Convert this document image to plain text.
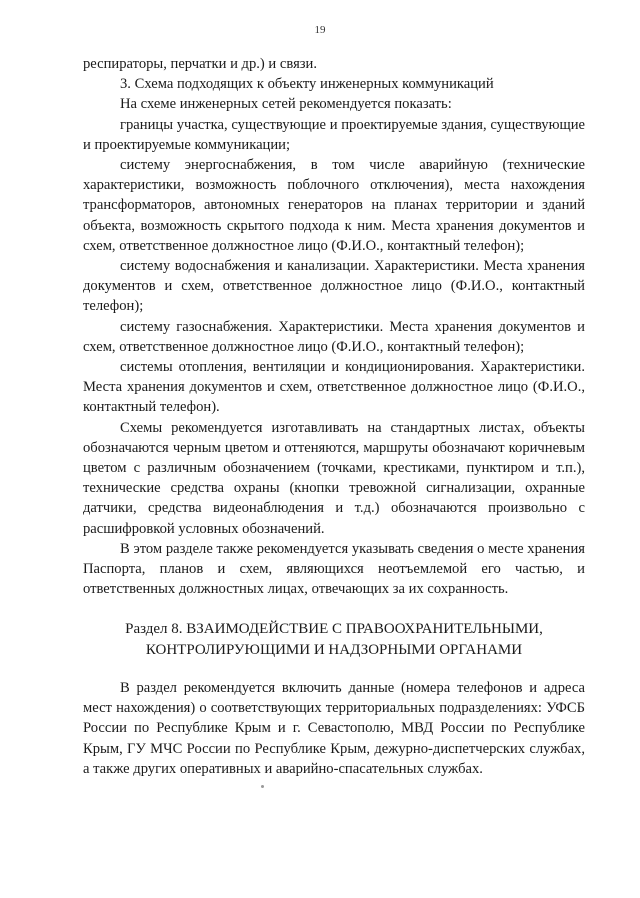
19

респираторы, перчатки и др.) и связи.

3. Схема подходящих к объекту инженерных коммуникаций

На схеме инженерных сетей рекомендуется показать:

границы участка, существующие и проектируемые здания, существующие и проектируемые коммуникации;

систему энергоснабжения, в том числе аварийную (технические характеристики, возможность поблочного отключения), места нахождения трансформаторов, автономных генераторов на планах территории и зданий объекта, возможность скрытого подхода к ним. Места хранения документов и схем, ответственное должностное лицо (Ф.И.О., контактный телефон);

систему водоснабжения и канализации. Характеристики. Места хранения документов и схем, ответственное должностное лицо (Ф.И.О., контактный телефон);

систему газоснабжения. Характеристики. Места хранения документов и схем, ответственное должностное лицо (Ф.И.О., контактный телефон);

системы отопления, вентиляции и кондиционирования. Характеристики. Места хранения документов и схем, ответственное должностное лицо (Ф.И.О., контактный телефон).

Схемы рекомендуется изготавливать на стандартных листах, объекты обозначаются черным цветом и оттеняются, маршруты обозначают коричневым цветом с различным обозначением (точками, крестиками, пунктиром и т.п.), технические средства охраны (кнопки тревожной сигнализации, охранные датчики, средства видеонаблюдения и т.д.) обозначаются произвольно с расшифровкой условных обозначений.

В этом разделе также рекомендуется указывать сведения о месте хранения Паспорта, планов и схем, являющихся неотъемлемой его частью, и ответственных должностных лицах, отвечающих за их сохранность.

Раздел 8. ВЗАИМОДЕЙСТВИЕ С ПРАВООХРАНИТЕЛЬНЫМИ,
КОНТРОЛИРУЮЩИМИ И НАДЗОРНЫМИ ОРГАНАМИ

В раздел рекомендуется включить данные (номера телефонов и адреса мест нахождения) о соответствующих территориальных подразделениях: УФСБ России по Республике Крым и г. Севастополю, МВД России по Республике Крым, ГУ МЧС России по Республике Крым, дежурно-диспетчерских службах, а также других оперативных и аварийно-спасательных службах.
